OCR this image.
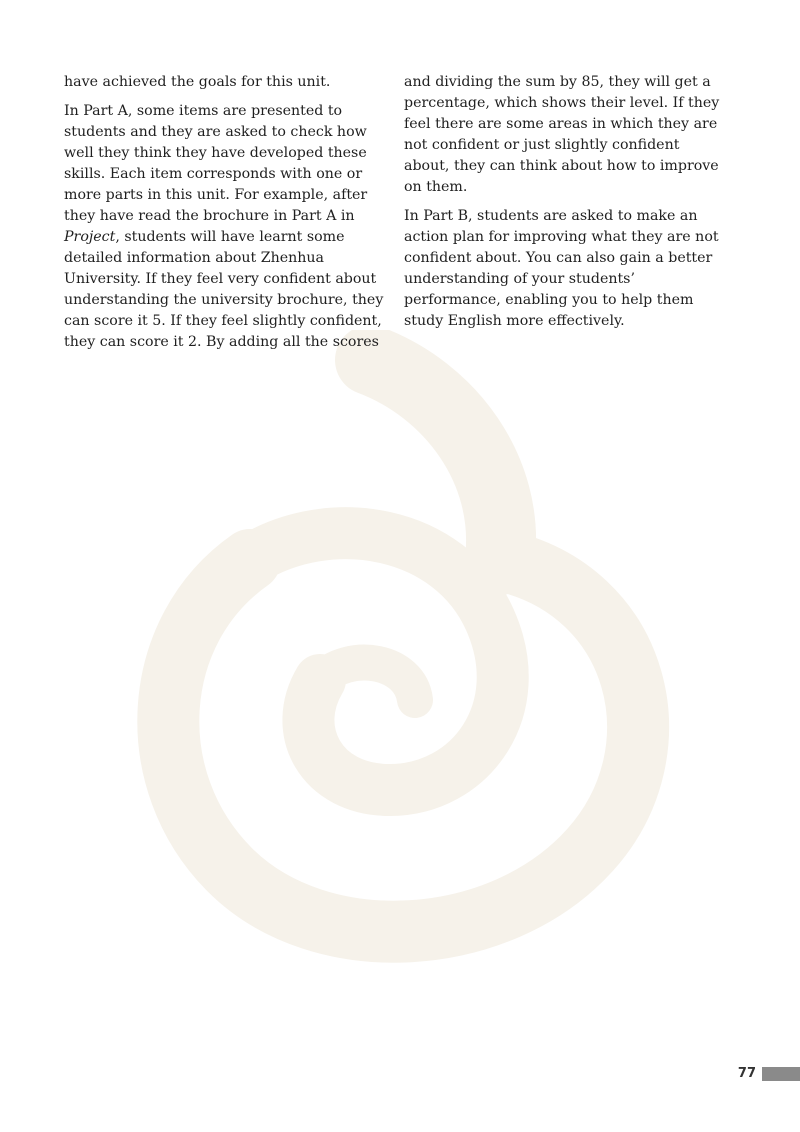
have achieved the goals for this unit.

In Part A, some items are presented to students and they are asked to check how well they think they have developed these skills. Each item corresponds with one or more parts in this unit. For example, after they have read the brochure in Part A in Project, students will have learnt some detailed information about Zhenhua University. If they feel very confident about understanding the university brochure, they can score it 5. If they feel slightly confident, they can score it 2. By adding all the scores

and dividing the sum by 85, they will get a percentage, which shows their level. If they feel there are some areas in which they are not confident or just slightly confident about, they can think about how to improve on them.

In Part B, students are asked to make an action plan for improving what they are not confident about. You can also gain a better understanding of your students’ performance, enabling you to help them study English more effectively.

77
